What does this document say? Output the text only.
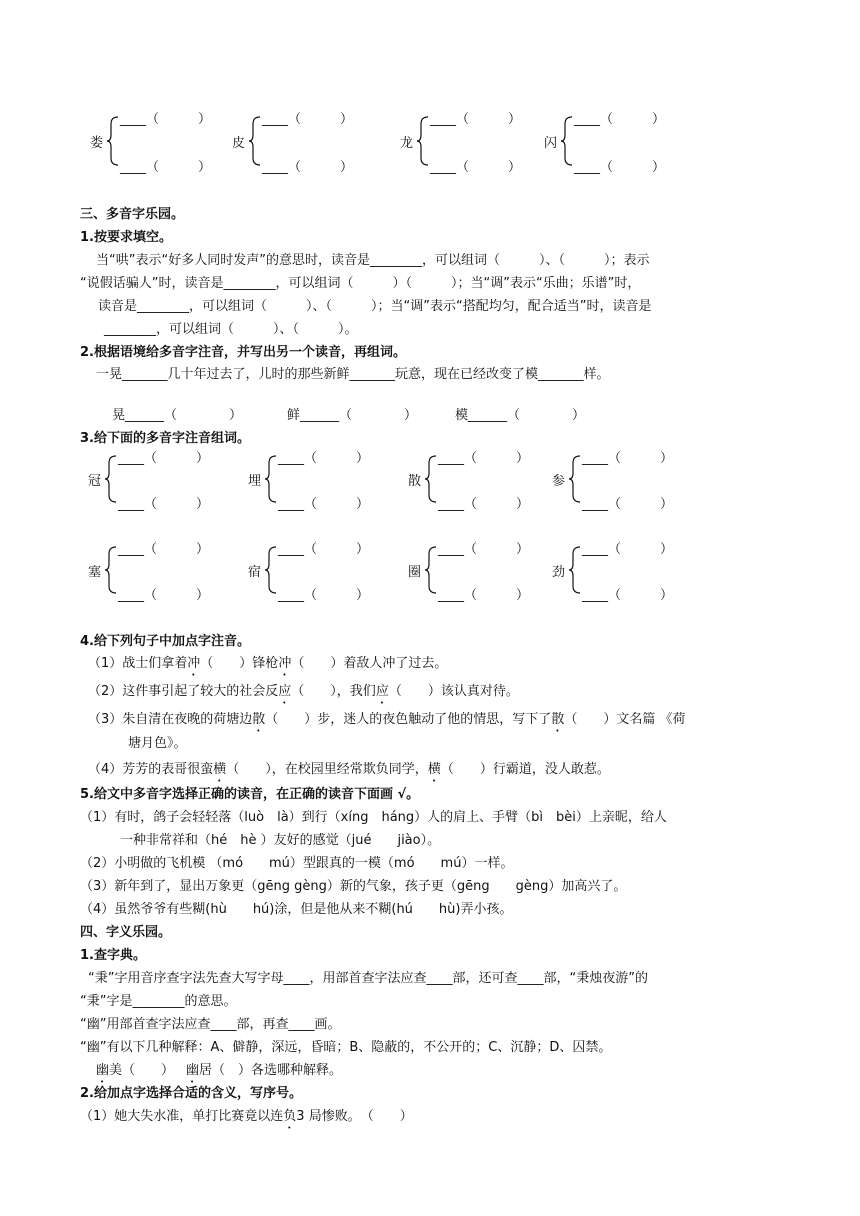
娄
____（　　　）
____（　　　）
皮
____（　　　）
____（　　　）
龙
____（　　　）
____（　　　）
闪
____（　　　）
____（　　　）
三、多音字乐园。
1.按要求填空。
当“哄”表示“好多人同时发声”的意思时，读音是________，可以组词（　　　）、（　　　）；表示
“说假话骗人”时，读音是________，可以组词（　　　）（　　　）；当“调”表示“乐曲；乐谱”时，
读音是________，可以组词（　　　）、（　　　）；当“调”表示“搭配均匀，配合适当”时，读音是
________，可以组词（　　　）、（　　　）。
2.根据语境给多音字注音，并写出另一个读音，再组词。
一晃_______几十年过去了，儿时的那些新鲜_______玩意，现在已经改变了模_______样。
晃______（　　　　）	鲜______（　　　　）	模______（　　　　）
3.给下面的多音字注音组词。
冠
____（　　　）
____（　　　）
埋
____（　　　）
____（　　　）
散
____（　　　）
____（　　　）
参
____（　　　）
____（　　　）
塞
____（　　　）
____（　　　）
宿
____（　　　）
____（　　　）
圈
____（　　　）
____（　　　）
劲
____（　　　）
____（　　　）
4.给下列句子中加点字注音。
（1）战士们拿着冲（　　）锋枪冲（　　）着敌人冲了过去。
（2）这件事引起了较大的社会反应（　　），我们应（　　）该认真对待。
（3）朱自清在夜晚的荷塘边散（　　）步，迷人的夜色触动了他的情思，写下了散（　　）文名篇 《荷
塘月色》。
（4）芳芳的表哥很蛮横（　　），在校园里经常欺负同学，横（　　）行霸道，没人敢惹。
5.给文中多音字选择正确的读音，在正确的读音下面画 √。
（1）有时，鸽子会轻轻落（luò　là）到行（xíng　háng）人的肩上、手臂（bì　bèi）上亲昵，给人
一种非常祥和（hé　hè ）友好的感觉（jué　　jiào）。
（2）小明做的飞机模 （mó　　mú）型跟真的一模（mó　　mú）一样。
（3）新年到了，显出万象更（gēng gèng）新的气象，孩子更（gēng　　gèng）加高兴了。
（4）虽然爷爷有些糊(hù　　hú)涂，但是他从来不糊(hú　　hù)弄小孩。
四、字义乐园。
1.查字典。
“秉”字用音序查字法先查大写字母____，用部首查字法应查____部，还可查____部，“秉烛夜游”的
“秉”字是________的意思。
“幽”用部首查字法应查____部，再查____画。
“幽”有以下几种解释：A、僻静，深远，昏暗；B、隐蔽的，不公开的；C、沉静；D、囚禁。
幽美（　　） 幽居（　）各选哪种解释。
2.给加点字选择合适的含义，写序号。
（1）她大失水准，单打比赛竟以连负3 局惨败。　（　　）
